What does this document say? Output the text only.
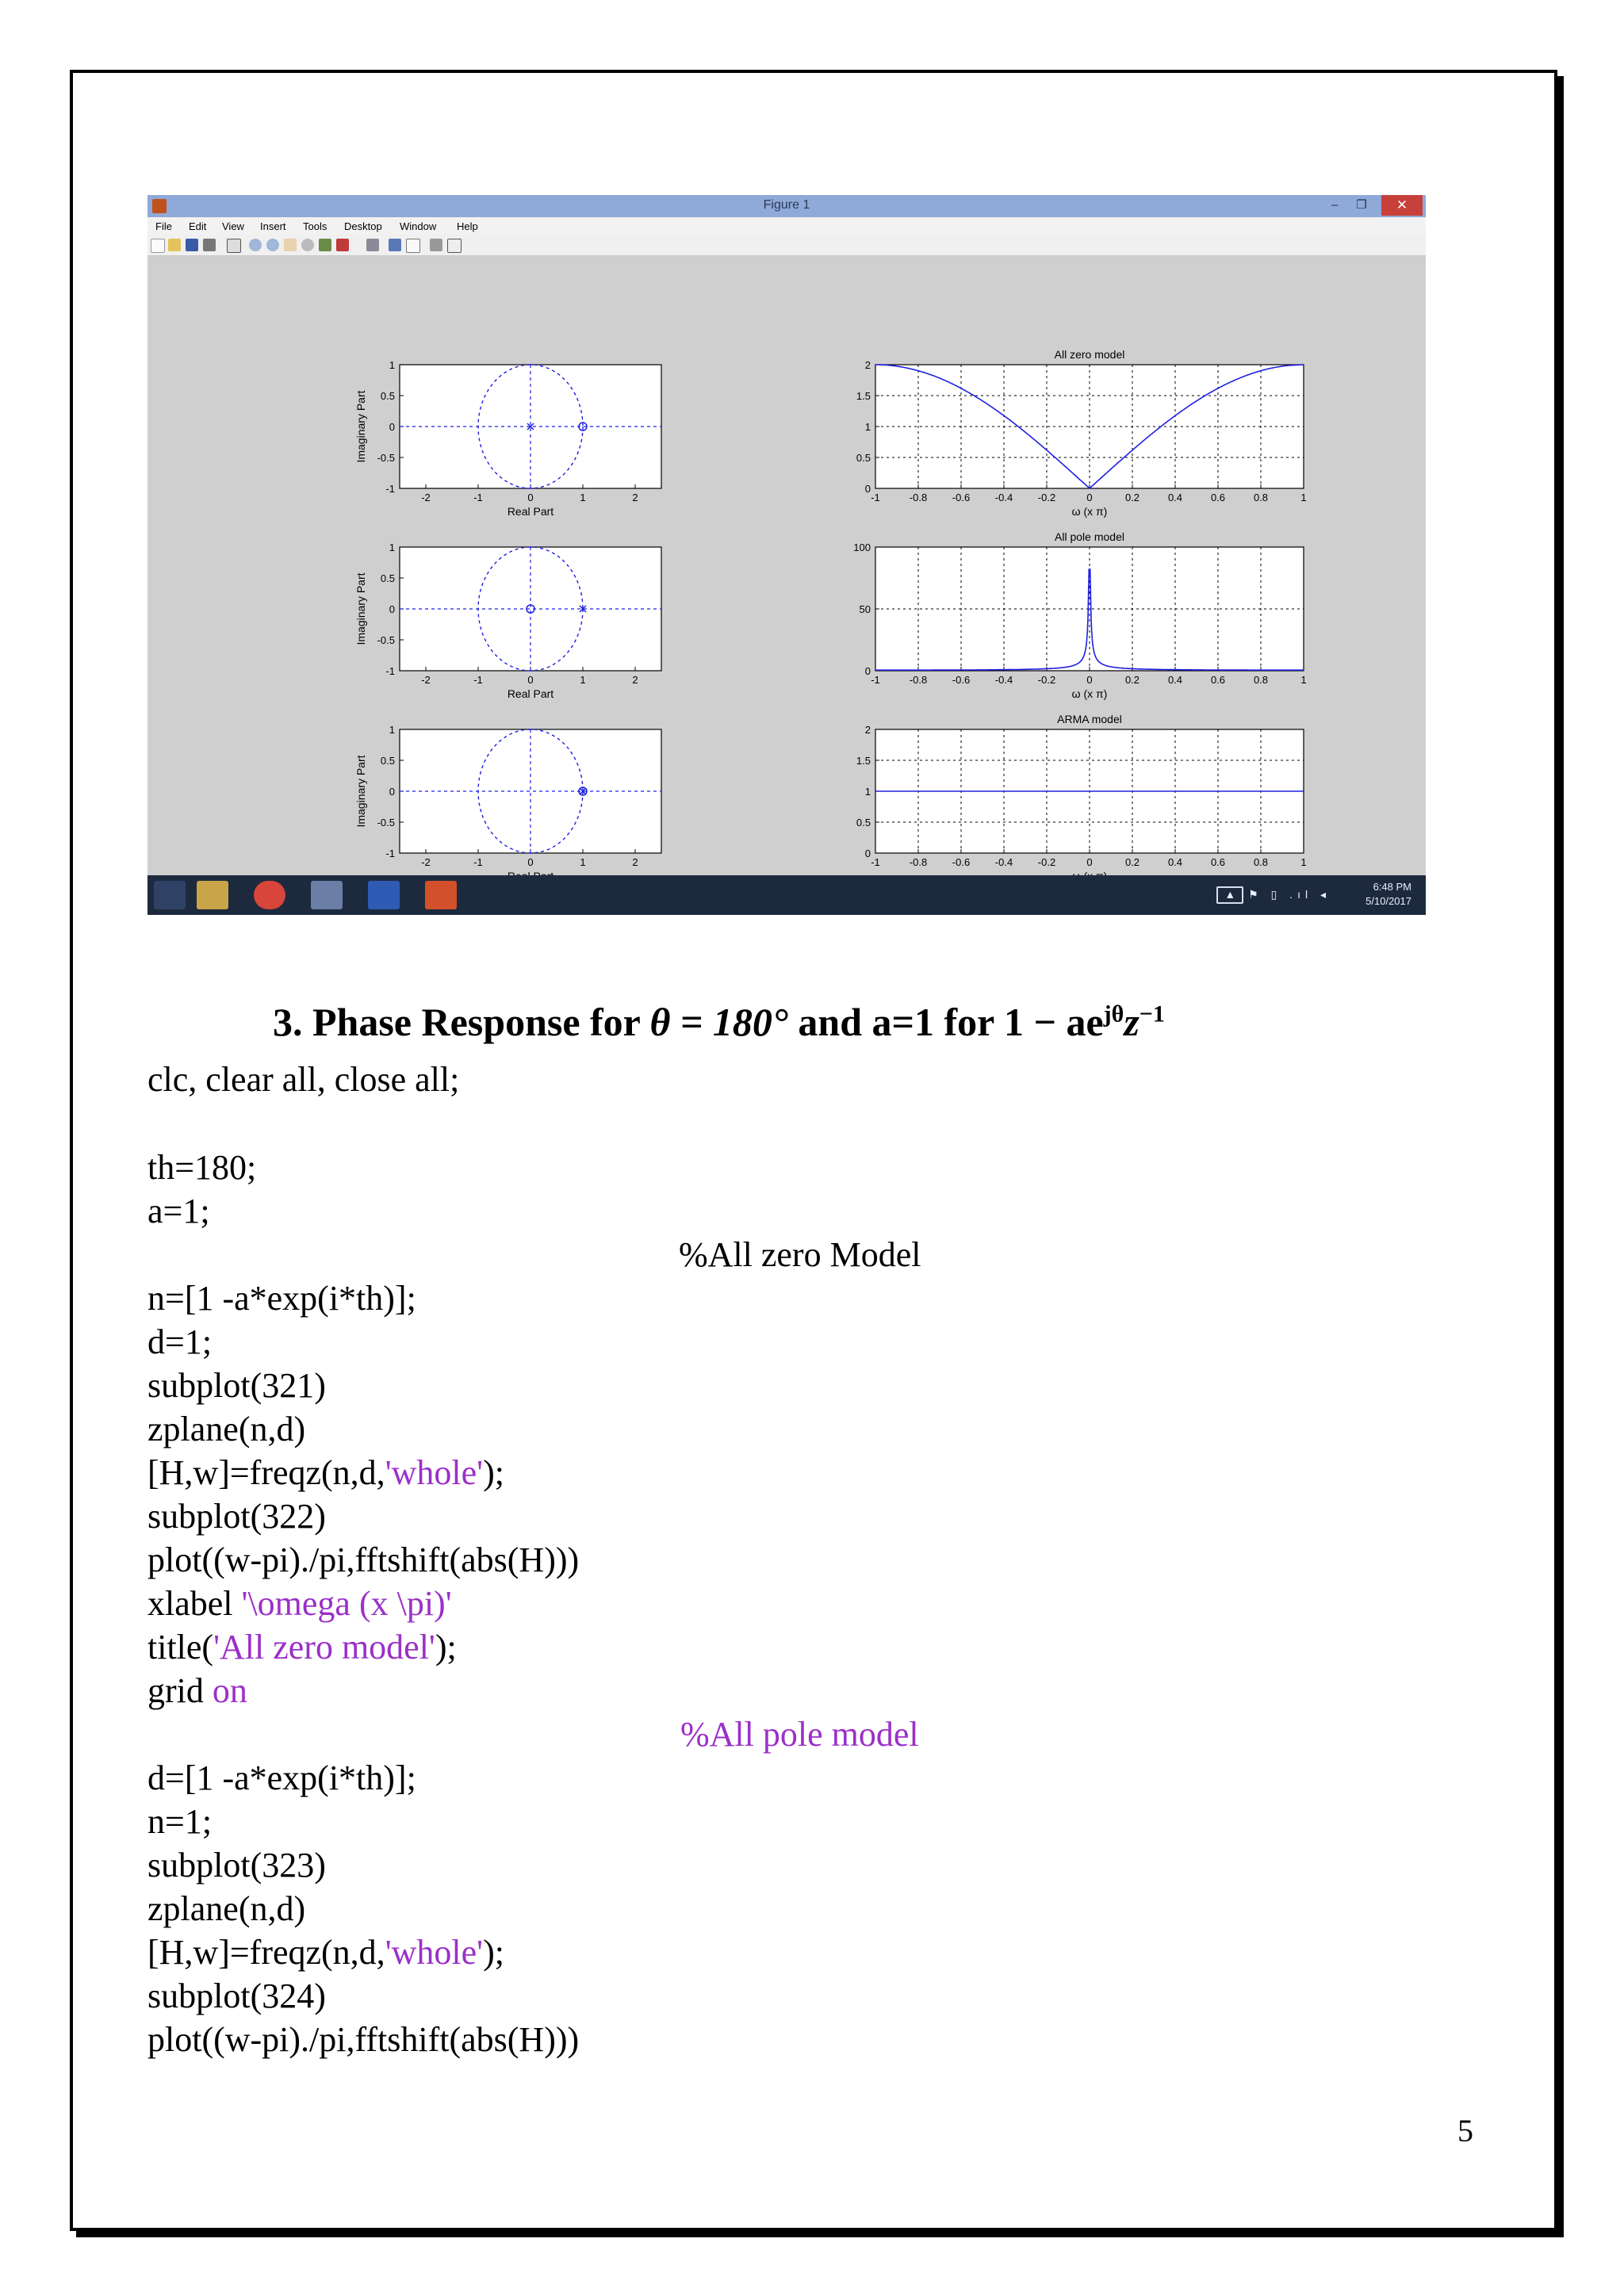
Figure 1	–	❐	✕
File Edit View Insert Tools Desktop Window Help
-2	-1	0	1	2
1
0.5
0
-0.5
-1
Real Part
Imaginary Part
-1	-0.8 -0.6 -0.4 -0.2	0	0.2	0.4	0.6	0.8	1
2
1.5
1
0.5
0
All zero model
ω (x π)
-2	-1	0	1	2
1
0.5
0
-0.5
-1
Real Part
Imaginary Part
-1	-0.8 -0.6 -0.4 -0.2	0	0.2	0.4	0.6	0.8	1
100
50
0
All pole model
ω (x π)
-2	-1	0	1	2
1
0.5
0
-0.5
-1
Imaginary Part
-1	-0.8 -0.6 -0.4 -0.2	0	0.2	0.4	0.6	0.8	1
2
1.5
1
0.5
0
ARMA model
▲ ⚑ ▯ .ıl ◂
6:48 PM
5/10/2017
3. Phase Response for θ = 180° and a=1 for $1 - ae^{j\theta}z^{-1}$
clc, clear all, close all;
th=180;
a=1;
%All zero Model
n=[1 -a*exp(i*th)];
d=1;
subplot(321)
zplane(n,d)
[H,w]=freqz(n,d,'whole');
subplot(322)
plot((w-pi)./pi,fftshift(abs(H)))
xlabel '\omega (x \pi)'
title('All zero model');
grid on
%All pole model
d=[1 -a*exp(i*th)];
n=1;
subplot(323)
zplane(n,d)
[H,w]=freqz(n,d,'whole');
subplot(324)
plot((w-pi)./pi,fftshift(abs(H)))
5
